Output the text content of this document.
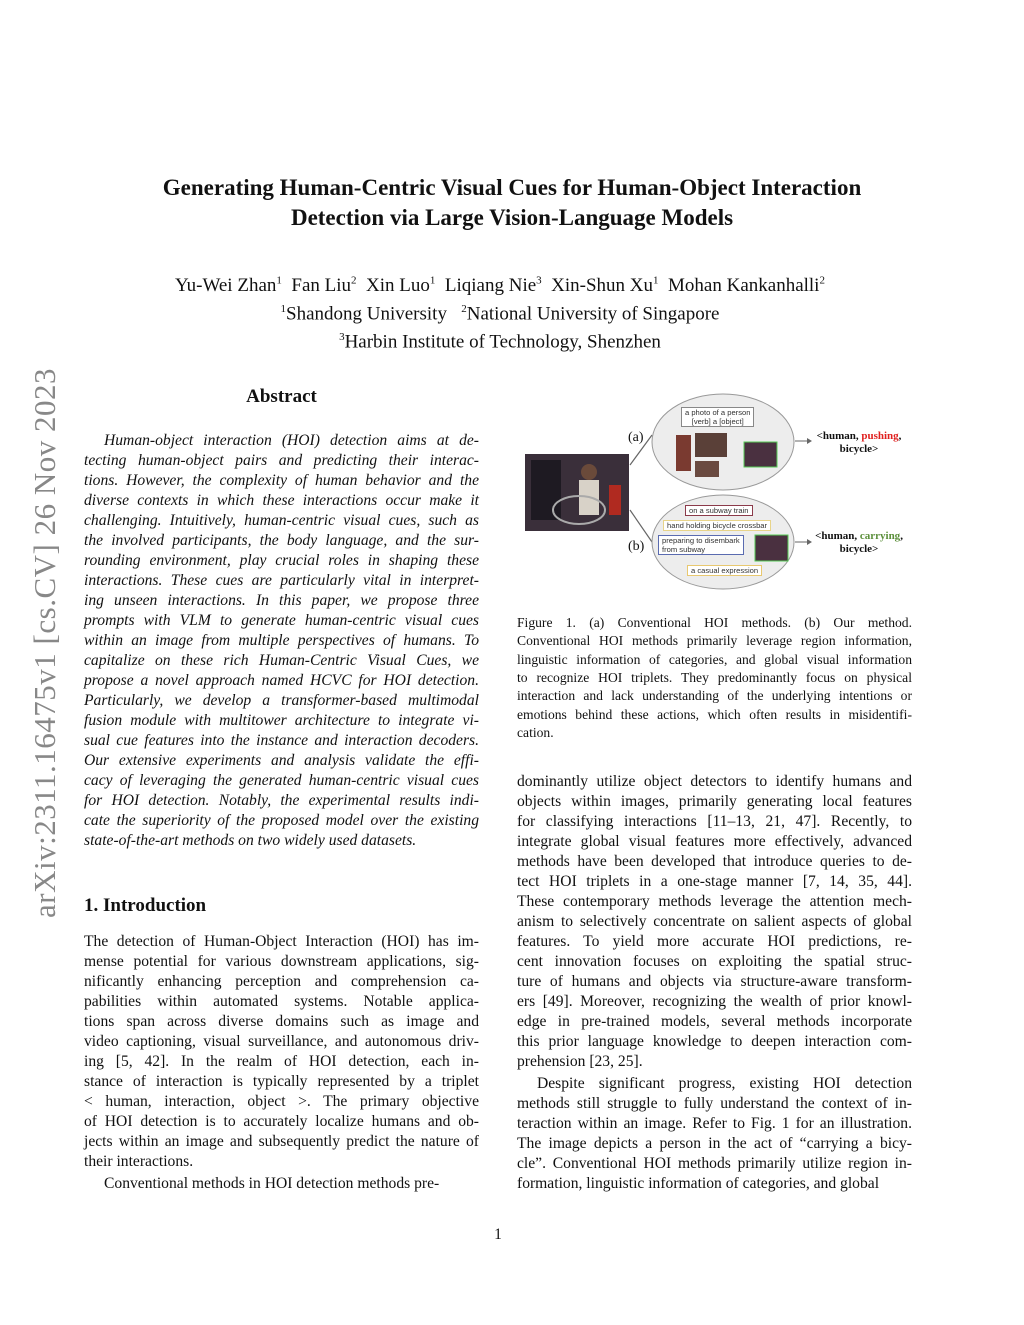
arXiv:2311.16475v1 [cs.CV] 26 Nov 2023
Generating Human-Centric Visual Cues for Human-Object Interaction
Detection via Large Vision-Language Models
Yu-Wei Zhan$^1$ Fan Liu$^2$ Xin Luo$^1$ Liqiang Nie$^3$ Xin-Shun Xu$^1$ Mohan Kankanhalli$^2$
$^1$Shandong University $^2$National University of Singapore
$^3$Harbin Institute of Technology, Shenzhen
Abstract
Human-object interaction (HOI) detection aims at de-
tecting human-object pairs and predicting their interac-
tions. However, the complexity of human behavior and the
diverse contexts in which these interactions occur make it
challenging. Intuitively, human-centric visual cues, such as
the involved participants, the body language, and the sur-
rounding environment, play crucial roles in shaping these
interactions. These cues are particularly vital in interpret-
ing unseen interactions. In this paper, we propose three
prompts with VLM to generate human-centric visual cues
within an image from multiple perspectives of humans. To
capitalize on these rich Human-Centric Visual Cues, we
propose a novel approach named HCVC for HOI detection.
Particularly, we develop a transformer-based multimodal
fusion module with multitower architecture to integrate vi-
sual cue features into the instance and interaction decoders.
Our extensive experiments and analysis validate the effi-
cacy of leveraging the generated human-centric visual cues
for HOI detection. Notably, the experimental results indi-
cate the superiority of the proposed model over the existing
state-of-the-art methods on two widely used datasets.
1. Introduction
The detection of Human-Object Interaction (HOI) has im-
mense potential for various downstream applications, sig-
nificantly enhancing perception and comprehension ca-
pabilities within automated systems. Notable applica-
tions span across diverse domains such as image and
video captioning, visual surveillance, and autonomous driv-
ing [5, 42]. In the realm of HOI detection, each in-
stance of interaction is typically represented by a triplet
< human, interaction, object >. The primary objective
of HOI detection is to accurately localize humans and ob-
jects within an image and subsequently predict the nature of
their interactions.
Conventional methods in HOI detection methods pre-
(a)
(b)
a photo of a person
[verb] a [object]
on a subway train
hand holding bicycle crossbar
preparing to disembark
from subway
a casual expression
<human, pushing,
bicycle>
<human, carrying,
bicycle>
Figure 1. (a) Conventional HOI methods. (b) Our method.
Conventional HOI methods primarily leverage region information,
linguistic information of categories, and global visual information
to recognize HOI triplets. They predominantly focus on physical
interaction and lack understanding of the underlying intentions or
emotions behind these actions, which often results in misidentifi-
cation.
dominantly utilize object detectors to identify humans and
objects within images, primarily generating local features
for classifying interactions [11–13, 21, 47]. Recently, to
integrate global visual features more effectively, advanced
methods have been developed that introduce queries to de-
tect HOI triplets in a one-stage manner [7, 14, 35, 44].
These contemporary methods leverage the attention mech-
anism to selectively concentrate on salient aspects of global
features. To yield more accurate HOI predictions, re-
cent innovation focuses on exploiting the spatial struc-
ture of humans and objects via structure-aware transform-
ers [49]. Moreover, recognizing the wealth of prior knowl-
edge in pre-trained models, several methods incorporate
this prior language knowledge to deepen interaction com-
prehension [23, 25].
Despite significant progress, existing HOI detection
methods still struggle to fully understand the context of in-
teraction within an image. Refer to Fig. 1 for an illustration.
The image depicts a person in the act of “carrying a bicy-
cle”. Conventional HOI methods primarily utilize region in-
formation, linguistic information of categories, and global
1
